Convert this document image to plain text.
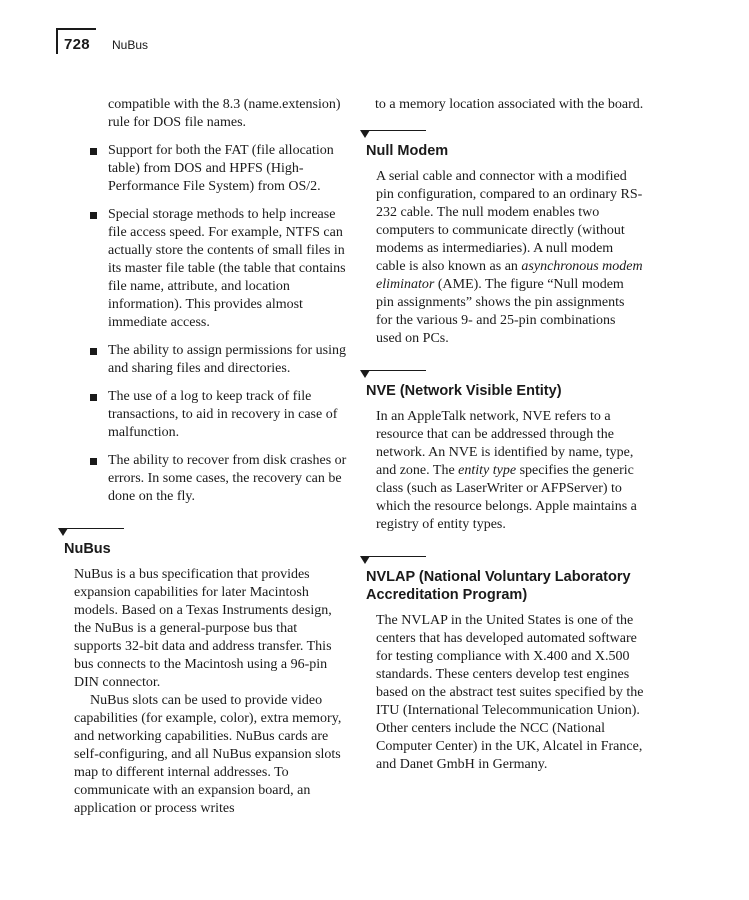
728 NuBus

compatible with the 8.3 (name.extension) rule for DOS file names.

Support for both the FAT (file allocation table) from DOS and HPFS (High-Performance File System) from OS/2.
Special storage methods to help increase file access speed. For example, NTFS can actually store the contents of small files in its master file table (the table that contains file name, attribute, and location information). This provides almost immediate access.
The ability to assign permissions for using and sharing files and directories.
The use of a log to keep track of file transactions, to aid in recovery in case of malfunction.
The ability to recover from disk crashes or errors. In some cases, the recovery can be done on the fly.
NuBus

NuBus is a bus specification that provides expansion capabilities for later Macintosh models. Based on a Texas Instruments design, the NuBus is a general-purpose bus that supports 32-bit data and address transfer. This bus connects to the Macintosh using a 96-pin DIN connector.

NuBus slots can be used to provide video capabilities (for example, color), extra memory, and networking capabilities. NuBus cards are self-configuring, and all NuBus expansion slots map to different internal addresses. To communicate with an expansion board, an application or process writes

to a memory location associated with the board.

Null Modem

A serial cable and connector with a modified pin configuration, compared to an ordinary RS-232 cable. The null modem enables two computers to communicate directly (without modems as intermediaries). A null modem cable is also known as an asynchronous modem eliminator (AME). The figure “Null modem pin assignments” shows the pin assignments for the various 9- and 25-pin combinations used on PCs.

NVE (Network Visible Entity)

In an AppleTalk network, NVE refers to a resource that can be addressed through the network. An NVE is identified by name, type, and zone. The entity type specifies the generic class (such as LaserWriter or AFPServer) to which the resource belongs. Apple maintains a registry of entity types.

NVLAP (National Voluntary Laboratory Accreditation Program)

The NVLAP in the United States is one of the centers that has developed automated software for testing compliance with X.400 and X.500 standards. These centers develop test engines based on the abstract test suites specified by the ITU (International Telecommunication Union). Other centers include the NCC (National Computer Center) in the UK, Alcatel in France, and Danet GmbH in Germany.
